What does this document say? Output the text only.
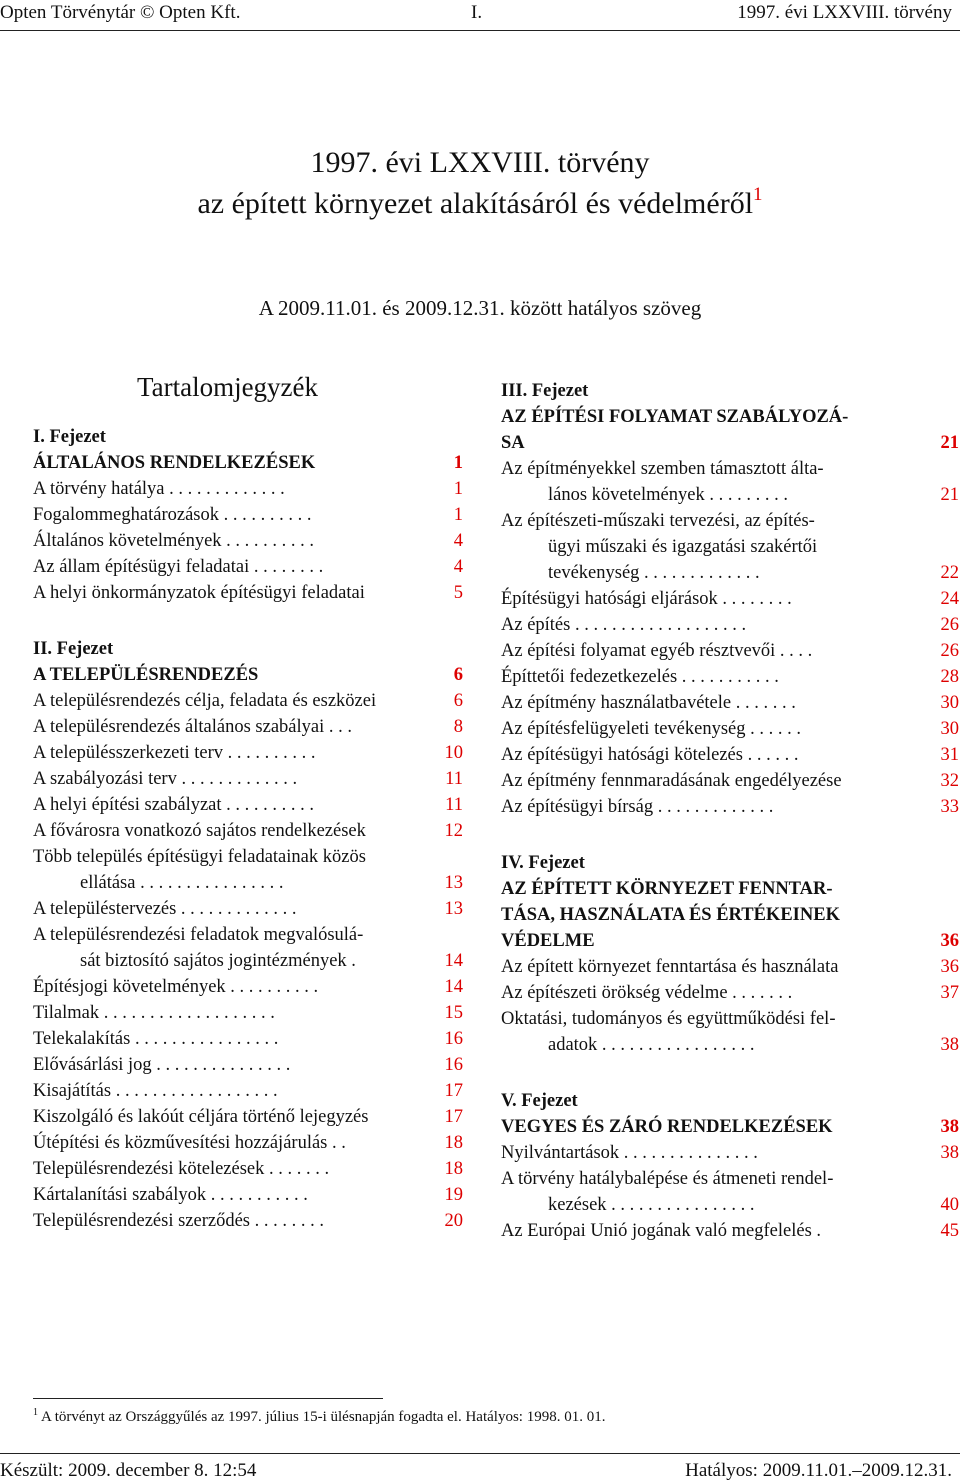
Opten Törvénytár © Opten Kft.	I.	1997. évi LXXVIII. törvény
1997. évi LXXVIII. törvény
az épített környezet alakításáról és védelméről$^1$
A 2009.11.01. és 2009.12.31. között hatályos szöveg
Tartalomjegyzék
I. Fejezet
ÁLTALÁNOS RENDELKEZÉSEK	1
A törvény hatálya . . . . . . . . . . . . .	1
Fogalommeghatározások . . . . . . . . . .	1
Általános követelmények . . . . . . . . . .	4
Az állam építésügyi feladatai . . . . . . . .	4
A helyi önkormányzatok építésügyi feladatai	5
II. Fejezet
A TELEPÜLÉSRENDEZÉS	6
A településrendezés célja, feladata és eszközei	6
A településrendezés általános szabályai . . .	8
A településszerkezeti terv . . . . . . . . . .	10
A szabályozási terv . . . . . . . . . . . . .	11
A helyi építési szabályzat . . . . . . . . . .	11
A fővárosra vonatkozó sajátos rendelkezések	12
Több település építésügyi feladatainak közös
ellátása . . . . . . . . . . . . . . . .	13
A településtervezés . . . . . . . . . . . . .	13
A településrendezési feladatok megvalósulá-
sát biztosító sajátos jogintézmények .	14
Építésjogi követelmények . . . . . . . . . .	14
Tilalmak . . . . . . . . . . . . . . . . . . .	15
Telekalakítás . . . . . . . . . . . . . . . .	16
Elővásárlási jog . . . . . . . . . . . . . . .	16
Kisajátítás . . . . . . . . . . . . . . . . . .	17
Kiszolgáló és lakóút céljára történő lejegyzés	17
Útépítési és közművesítési hozzájárulás . .	18
Településrendezési kötelezések . . . . . . .	18
Kártalanítási szabályok . . . . . . . . . . .	19
Településrendezési szerződés . . . . . . . .	20
III. Fejezet
AZ ÉPÍTÉSI FOLYAMAT SZABÁLYOZÁ-
SA	21
Az építményekkel szemben támasztott álta-
lános követelmények . . . . . . . . .	21
Az építészeti-műszaki tervezési, az építés-
ügyi műszaki és igazgatási szakértői
tevékenység . . . . . . . . . . . . .	22
Építésügyi hatósági eljárások . . . . . . . .	24
Az építés . . . . . . . . . . . . . . . . . . .	26
Az építési folyamat egyéb résztvevői . . . .	26
Építtetői fedezetkezelés . . . . . . . . . . .	28
Az építmény használatbavétele . . . . . . .	30
Az építésfelügyeleti tevékenység . . . . . .	30
Az építésügyi hatósági kötelezés . . . . . .	31
Az építmény fennmaradásának engedélyezése	32
Az építésügyi bírság . . . . . . . . . . . . .	33
IV. Fejezet
AZ ÉPÍTETT KÖRNYEZET FENNTAR-
TÁSA, HASZNÁLATA ÉS ÉRTÉKEINEK
VÉDELME	36
Az épített környezet fenntartása és használata	36
Az építészeti örökség védelme . . . . . . .	37
Oktatási, tudományos és együttműködési fel-
adatok . . . . . . . . . . . . . . . . .	38
V. Fejezet
VEGYES ÉS ZÁRÓ RENDELKEZÉSEK	38
Nyilvántartások . . . . . . . . . . . . . . .	38
A törvény hatálybalépése és átmeneti rendel-
kezések . . . . . . . . . . . . . . . .	40
Az Európai Unió jogának való megfelelés .	45
$^1$ A törvényt az Országgyűlés az 1997. július 15-i ülésnapján fogadta el. Hatályos: 1998. 01. 01.
Készült: 2009. december 8. 12:54	Hatályos: 2009.11.01.–2009.12.31.
